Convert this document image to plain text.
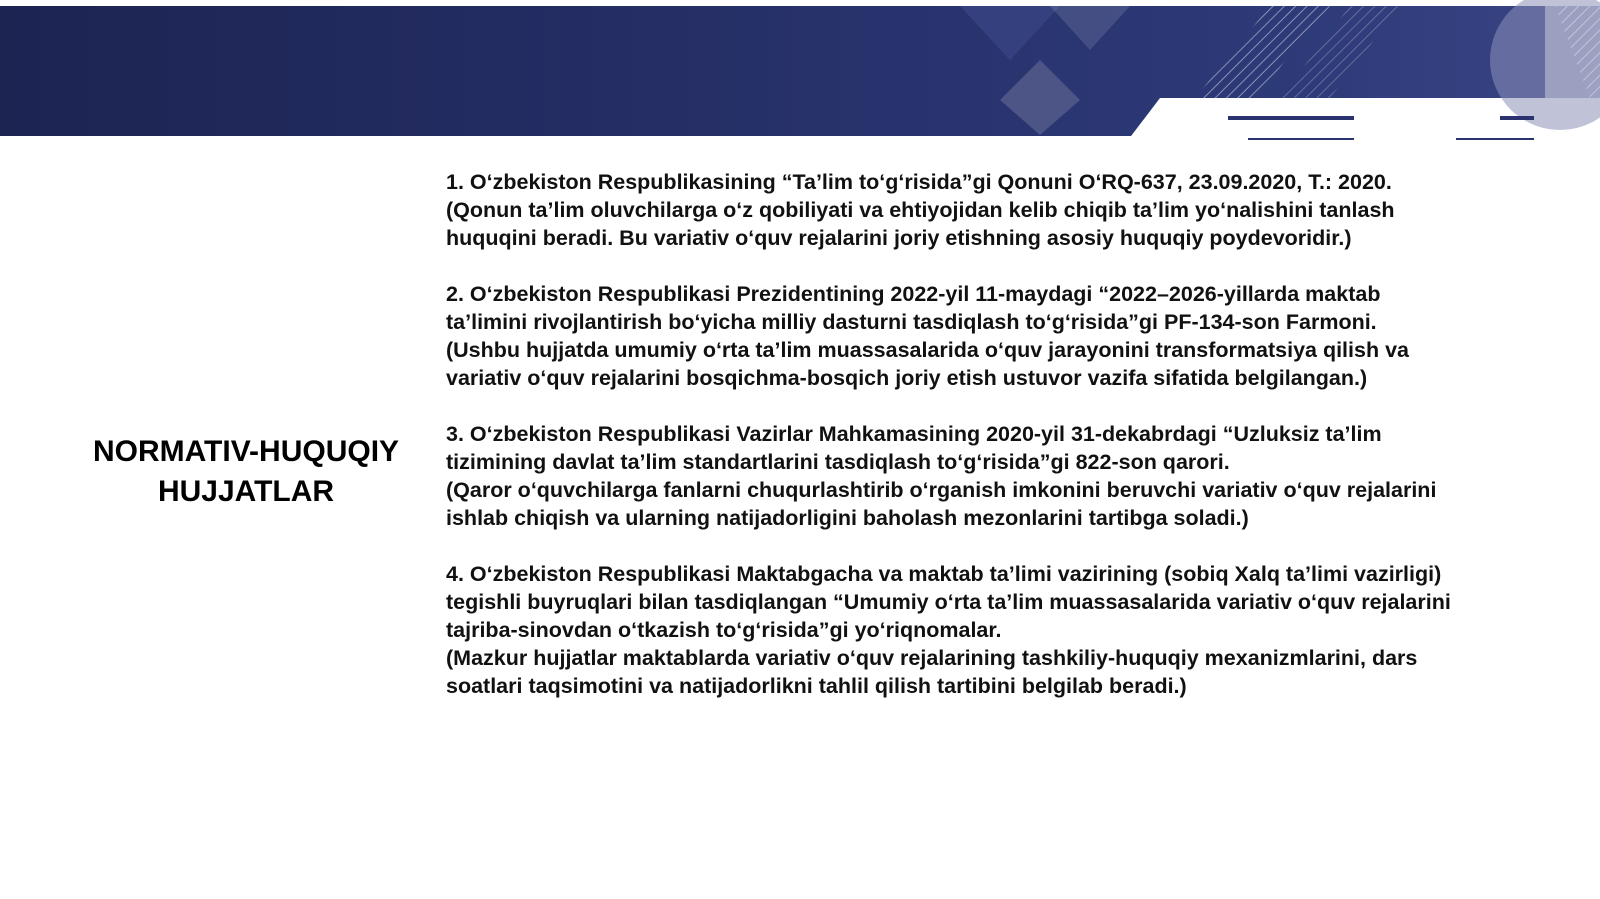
NORMATIV-HUQUQIY
HUJJATLAR

1. O‘zbekiston Respublikasining “Ta’lim to‘g‘risida”gi Qonuni O‘RQ-637, 23.09.2020, T.: 2020.

(Qonun ta’lim oluvchilarga o‘z qobiliyati va ehtiyojidan kelib chiqib ta’lim yo‘nalishini tanlash huquqini beradi. Bu variativ o‘quv rejalarini joriy etishning asosiy huquqiy poydevoridir.)

2. O‘zbekiston Respublikasi Prezidentining 2022-yil 11-maydagi “2022–2026-yillarda maktab ta’limini rivojlantirish bo‘yicha milliy dasturni tasdiqlash to‘g‘risida”gi PF-134-son Farmoni.

(Ushbu hujjatda umumiy o‘rta ta’lim muassasalarida o‘quv jarayonini transformatsiya qilish va variativ o‘quv rejalarini bosqichma-bosqich joriy etish ustuvor vazifa sifatida belgilangan.)

3. O‘zbekiston Respublikasi Vazirlar Mahkamasining 2020-yil 31-dekabrdagi “Uzluksiz ta’lim tizimining davlat ta’lim standartlarini tasdiqlash to‘g‘risida”gi 822-son qarori.

(Qaror o‘quvchilarga fanlarni chuqurlashtirib o‘rganish imkonini beruvchi variativ o‘quv rejalarini ishlab chiqish va ularning natijadorligini baholash mezonlarini tartibga soladi.)

4. O‘zbekiston Respublikasi Maktabgacha va maktab ta’limi vazirining (sobiq Xalq ta’limi vazirligi) tegishli buyruqlari bilan tasdiqlangan “Umumiy o‘rta ta’lim muassasalarida variativ o‘quv rejalarini tajriba-sinovdan o‘tkazish to‘g‘risida”gi yo‘riqnomalar.

(Mazkur hujjatlar maktablarda variativ o‘quv rejalarining tashkiliy-huquqiy mexanizmlarini, dars soatlari taqsimotini va natijadorlikni tahlil qilish tartibini belgilab beradi.)
